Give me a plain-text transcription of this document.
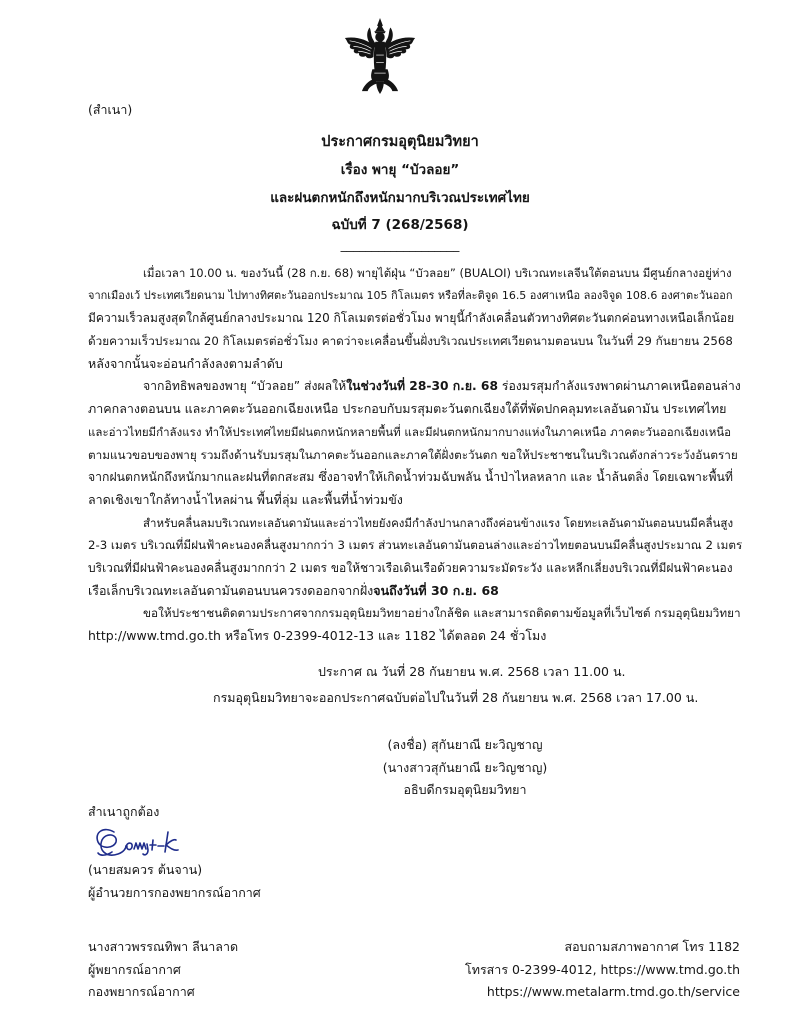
(สำเนา)
ประกาศกรมอุตุนิยมวิทยา
เรื่อง พายุ “บัวลอย”
และฝนตกหนักถึงหนักมากบริเวณประเทศไทย
ฉบับที่ 7 (268/2568)
___________________
เมื่อเวลา 10.00 น. ของวันนี้ (28 ก.ย. 68) พายุไต้ฝุ่น “บัวลอย” (BUALOI) บริเวณทะเลจีนใต้ตอนบน มีศูนย์กลางอยู่ห่าง
จากเมืองเว้ ประเทศเวียดนาม ไปทางทิศตะวันออกประมาณ 105 กิโลเมตร หรือที่ละติจูด 16.5 องศาเหนือ ลองจิจูด 108.6 องศาตะวันออก
มีความเร็วลมสูงสุดใกล้ศูนย์กลางประมาณ 120 กิโลเมตรต่อชั่วโมง พายุนี้กำลังเคลื่อนตัวทางทิศตะวันตกค่อนทางเหนือเล็กน้อย
ด้วยความเร็วประมาณ 20 กิโลเมตรต่อชั่วโมง คาดว่าจะเคลื่อนขึ้นฝั่งบริเวณประเทศเวียดนามตอนบน ในวันที่ 29 กันยายน 2568
หลังจากนั้นจะอ่อนกำลังลงตามลำดับ
จากอิทธิพลของพายุ “บัวลอย” ส่งผลให้ในช่วงวันที่ 28-30 ก.ย. 68 ร่องมรสุมกำลังแรงพาดผ่านภาคเหนือตอนล่าง
ภาคกลางตอนบน และภาคตะวันออกเฉียงเหนือ ประกอบกับมรสุมตะวันตกเฉียงใต้ที่พัดปกคลุมทะเลอันดามัน ประเทศไทย
และอ่าวไทยมีกำลังแรง ทำให้ประเทศไทยมีฝนตกหนักหลายพื้นที่ และมีฝนตกหนักมากบางแห่งในภาคเหนือ ภาคตะวันออกเฉียงเหนือ
ตามแนวขอบของพายุ รวมถึงด้านรับมรสุมในภาคตะวันออกและภาคใต้ฝั่งตะวันตก ขอให้ประชาชนในบริเวณดังกล่าวระวังอันตราย
จากฝนตกหนักถึงหนักมากและฝนที่ตกสะสม ซึ่งอาจทำให้เกิดน้ำท่วมฉับพลัน น้ำป่าไหลหลาก และ น้ำล้นตลิ่ง โดยเฉพาะพื้นที่
ลาดเชิงเขาใกล้ทางน้ำไหลผ่าน พื้นที่ลุ่ม และพื้นที่น้ำท่วมขัง
สำหรับคลื่นลมบริเวณทะเลอันดามันและอ่าวไทยยังคงมีกำลังปานกลางถึงค่อนข้างแรง โดยทะเลอันดามันตอนบนมีคลื่นสูง
2-3 เมตร บริเวณที่มีฝนฟ้าคะนองคลื่นสูงมากกว่า 3 เมตร ส่วนทะเลอันดามันตอนล่างและอ่าวไทยตอนบนมีคลื่นสูงประมาณ 2 เมตร
บริเวณที่มีฝนฟ้าคะนองคลื่นสูงมากกว่า 2 เมตร ขอให้ชาวเรือเดินเรือด้วยความระมัดระวัง และหลีกเลี่ยงบริเวณที่มีฝนฟ้าคะนอง
เรือเล็กบริเวณทะเลอันดามันตอนบนควรงดออกจากฝั่งจนถึงวันที่ 30 ก.ย. 68
ขอให้ประชาชนติดตามประกาศจากกรมอุตุนิยมวิทยาอย่างใกล้ชิด และสามารถติดตามข้อมูลที่เว็บไซต์ กรมอุตุนิยมวิทยา
http://www.tmd.go.th หรือโทร 0-2399-4012-13 และ 1182 ได้ตลอด 24 ชั่วโมง
ประกาศ ณ วันที่ 28 กันยายน พ.ศ. 2568 เวลา 11.00 น.
กรมอุตุนิยมวิทยาจะออกประกาศฉบับต่อไปในวันที่ 28 กันยายน พ.ศ. 2568 เวลา 17.00 น.
(ลงชื่อ) สุกันยาณี ยะวิญชาญ
(นางสาวสุกันยาณี ยะวิญชาญ)
อธิบดีกรมอุตุนิยมวิทยา
สำเนาถูกต้อง
(นายสมควร ต้นจาน)
ผู้อำนวยการกองพยากรณ์อากาศ
นางสาวพรรณทิพา ลีนาลาด
ผู้พยากรณ์อากาศ
กองพยากรณ์อากาศ
สอบถามสภาพอากาศ โทร 1182
โทรสาร 0-2399-4012, https://www.tmd.go.th
https://www.metalarm.tmd.go.th/service
